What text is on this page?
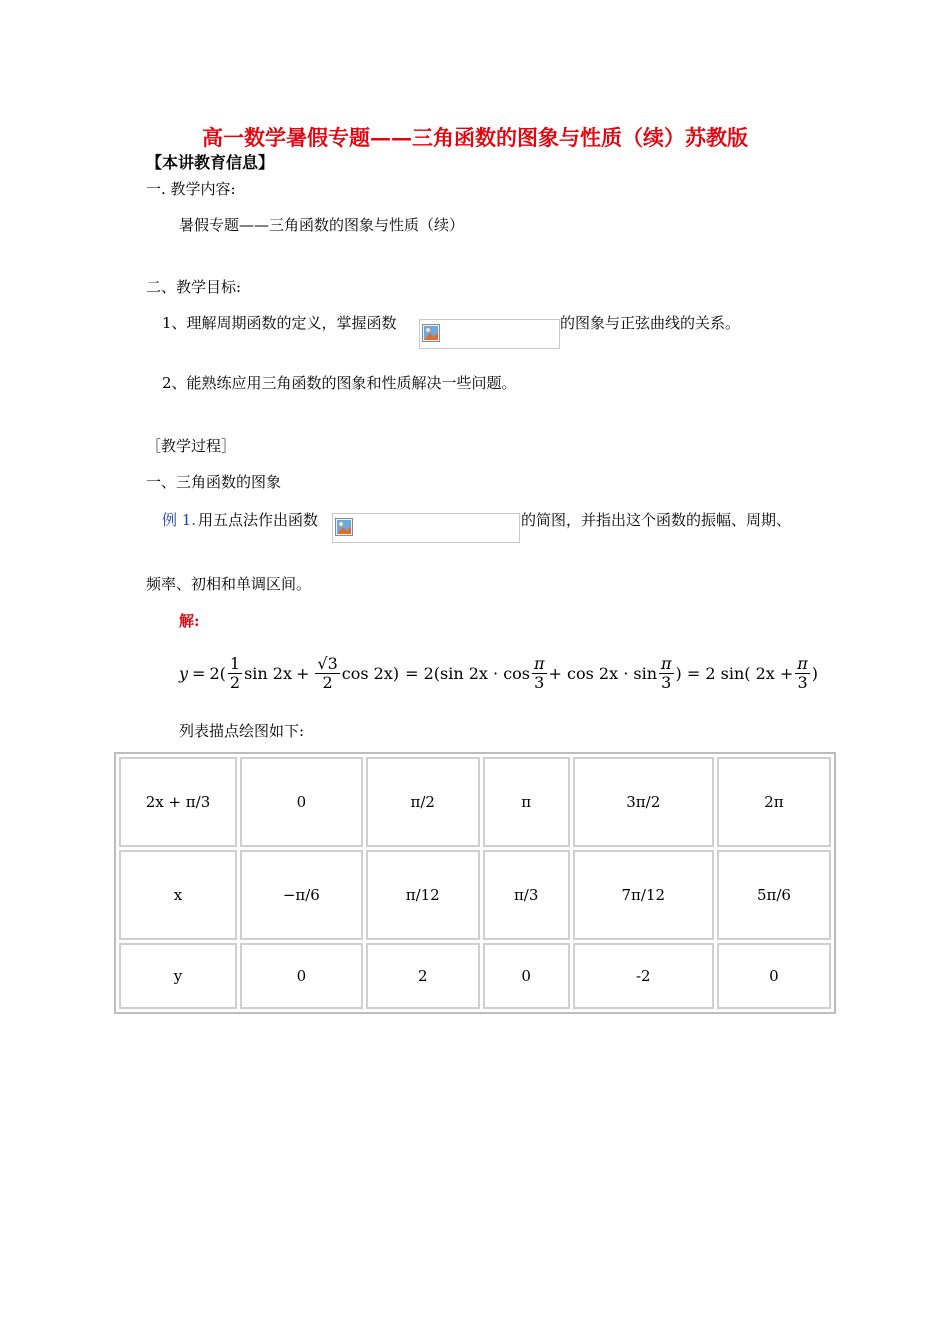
高一数学暑假专题——三角函数的图象与性质（续）苏教版
【本讲教育信息】
一. 教学内容:
暑假专题——三角函数的图象与性质（续）
二、教学目标:
1、理解周期函数的定义，掌握函数	的图象与正弦曲线的关系。
2、能熟练应用三角函数的图象和性质解决一些问题。
［教学过程］
一、三角函数的图象
例 1. 用五点法作出函数	的简图，并指出这个函数的振幅、周期、
频率、初相和单调区间。
解:
$y = 2( \frac{1}{2}$ $\sin 2x + \frac{√3}{2}$ cos 2x) = 2(sin $2x \cdot \cos \frac{\pi}{3} + \cos 2x \cdot \sin \frac{\pi}{3}$ ) = 2 sin( $2x + \frac{\pi}{3}$ )
列表描点绘图如下:
2x + π/3	0	π/2	π	3π/2	2π
x	−π/6	π/12	π/3	7π/12	5π/6
y	0	2	0	-2	0
